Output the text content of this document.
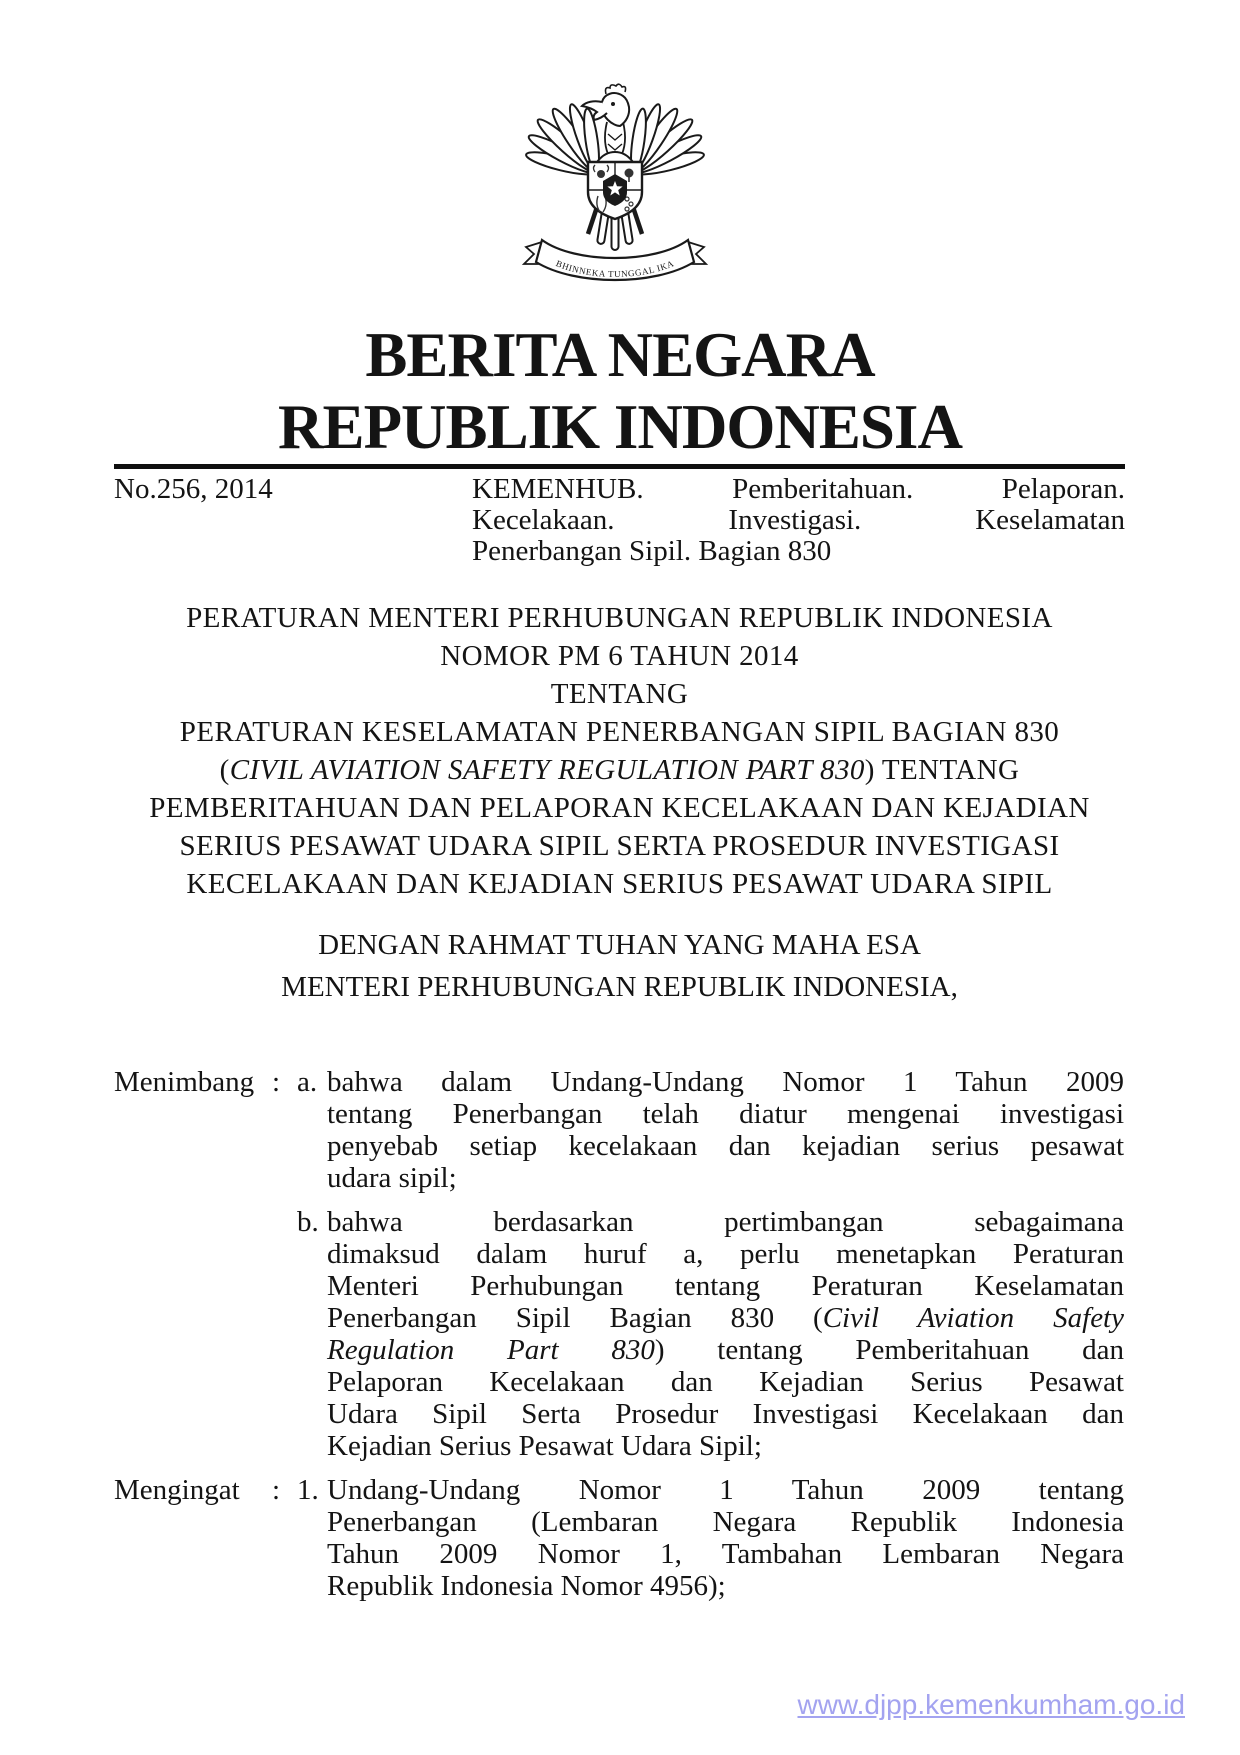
BHINNEKA TUNGGAL IKA
BERITA NEGARA
REPUBLIK INDONESIA
No.256, 2014	KEMENHUB. Pemberitahuan. Pelaporan.
Kecelakaan. Investigasi. Keselamatan
Penerbangan Sipil. Bagian 830
PERATURAN MENTERI PERHUBUNGAN REPUBLIK INDONESIA
NOMOR PM 6 TAHUN 2014
TENTANG
PERATURAN KESELAMATAN PENERBANGAN SIPIL BAGIAN 830
(CIVIL AVIATION SAFETY REGULATION PART 830) TENTANG
PEMBERITAHUAN DAN PELAPORAN KECELAKAAN DAN KEJADIAN
SERIUS PESAWAT UDARA SIPIL SERTA PROSEDUR INVESTIGASI
KECELAKAAN DAN KEJADIAN SERIUS PESAWAT UDARA SIPIL
DENGAN RAHMAT TUHAN YANG MAHA ESA
MENTERI PERHUBUNGAN REPUBLIK INDONESIA,
Menimbang : a. bahwa dalam Undang-Undang Nomor 1 Tahun 2009
tentang Penerbangan telah diatur mengenai investigasi
penyebab setiap kecelakaan dan kejadian serius pesawat
udara sipil;
b. bahwa berdasarkan pertimbangan sebagaimana
dimaksud dalam huruf a, perlu menetapkan Peraturan
Menteri Perhubungan tentang Peraturan Keselamatan
Penerbangan Sipil Bagian 830 (Civil Aviation Safety
Regulation Part 830) tentang Pemberitahuan dan
Pelaporan Kecelakaan dan Kejadian Serius Pesawat
Udara Sipil Serta Prosedur Investigasi Kecelakaan dan
Kejadian Serius Pesawat Udara Sipil;
Mengingat	: 1. Undang-Undang Nomor 1 Tahun 2009 tentang
Penerbangan (Lembaran Negara Republik Indonesia
Tahun 2009 Nomor 1, Tambahan Lembaran Negara
Republik Indonesia Nomor 4956);
www.djpp.kemenkumham.go.id
